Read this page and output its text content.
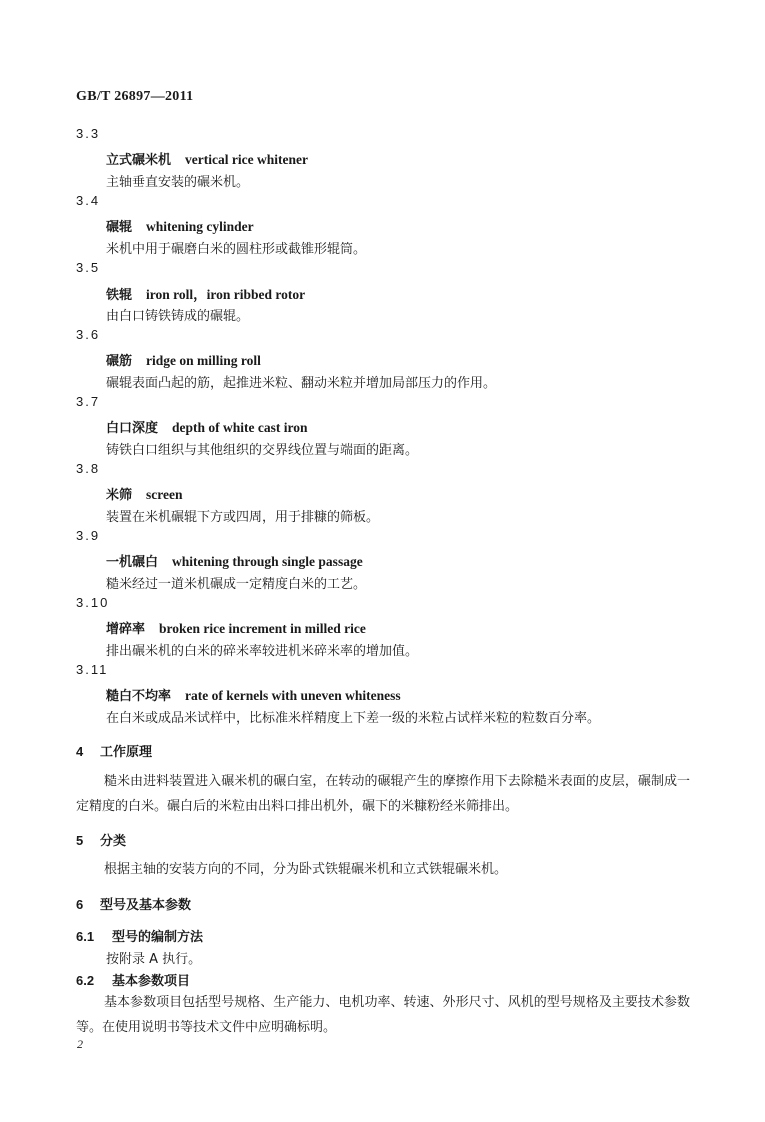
GB/T 26897—2011
3.3
立式碾米机 vertical rice whitener
主轴垂直安装的碾米机。
3.4
碾辊 whitening cylinder
米机中用于碾磨白米的圆柱形或截锥形辊筒。
3.5
铁辊 iron roll，iron ribbed rotor
由白口铸铁铸成的碾辊。
3.6
碾筋 ridge on milling roll
碾辊表面凸起的筋，起推进米粒、翻动米粒并增加局部压力的作用。
3.7
白口深度 depth of white cast iron
铸铁白口组织与其他组织的交界线位置与端面的距离。
3.8
米筛 screen
装置在米机碾辊下方或四周，用于排糠的筛板。
3.9
一机碾白 whitening through single passage
糙米经过一道米机碾成一定精度白米的工艺。
3.10
增碎率 broken rice increment in milled rice
排出碾米机的白米的碎米率较进机米碎米率的增加值。
3.11
糙白不均率 rate of kernels with uneven whiteness
在白米或成品米试样中，比标准米样精度上下差一级的米粒占试样米粒的粒数百分率。
4 工作原理
糙米由进料装置进入碾米机的碾白室，在转动的碾辊产生的摩擦作用下去除糙米表面的皮层，碾制成一定精度的白米。碾白后的米粒由出料口排出机外，碾下的米糠粉经米筛排出。
5 分类
根据主轴的安装方向的不同，分为卧式铁辊碾米机和立式铁辊碾米机。
6 型号及基本参数
6.1 型号的编制方法
按附录 A 执行。
6.2 基本参数项目
基本参数项目包括型号规格、生产能力、电机功率、转速、外形尺寸、风机的型号规格及主要技术参数等。在使用说明书等技术文件中应明确标明。
2
